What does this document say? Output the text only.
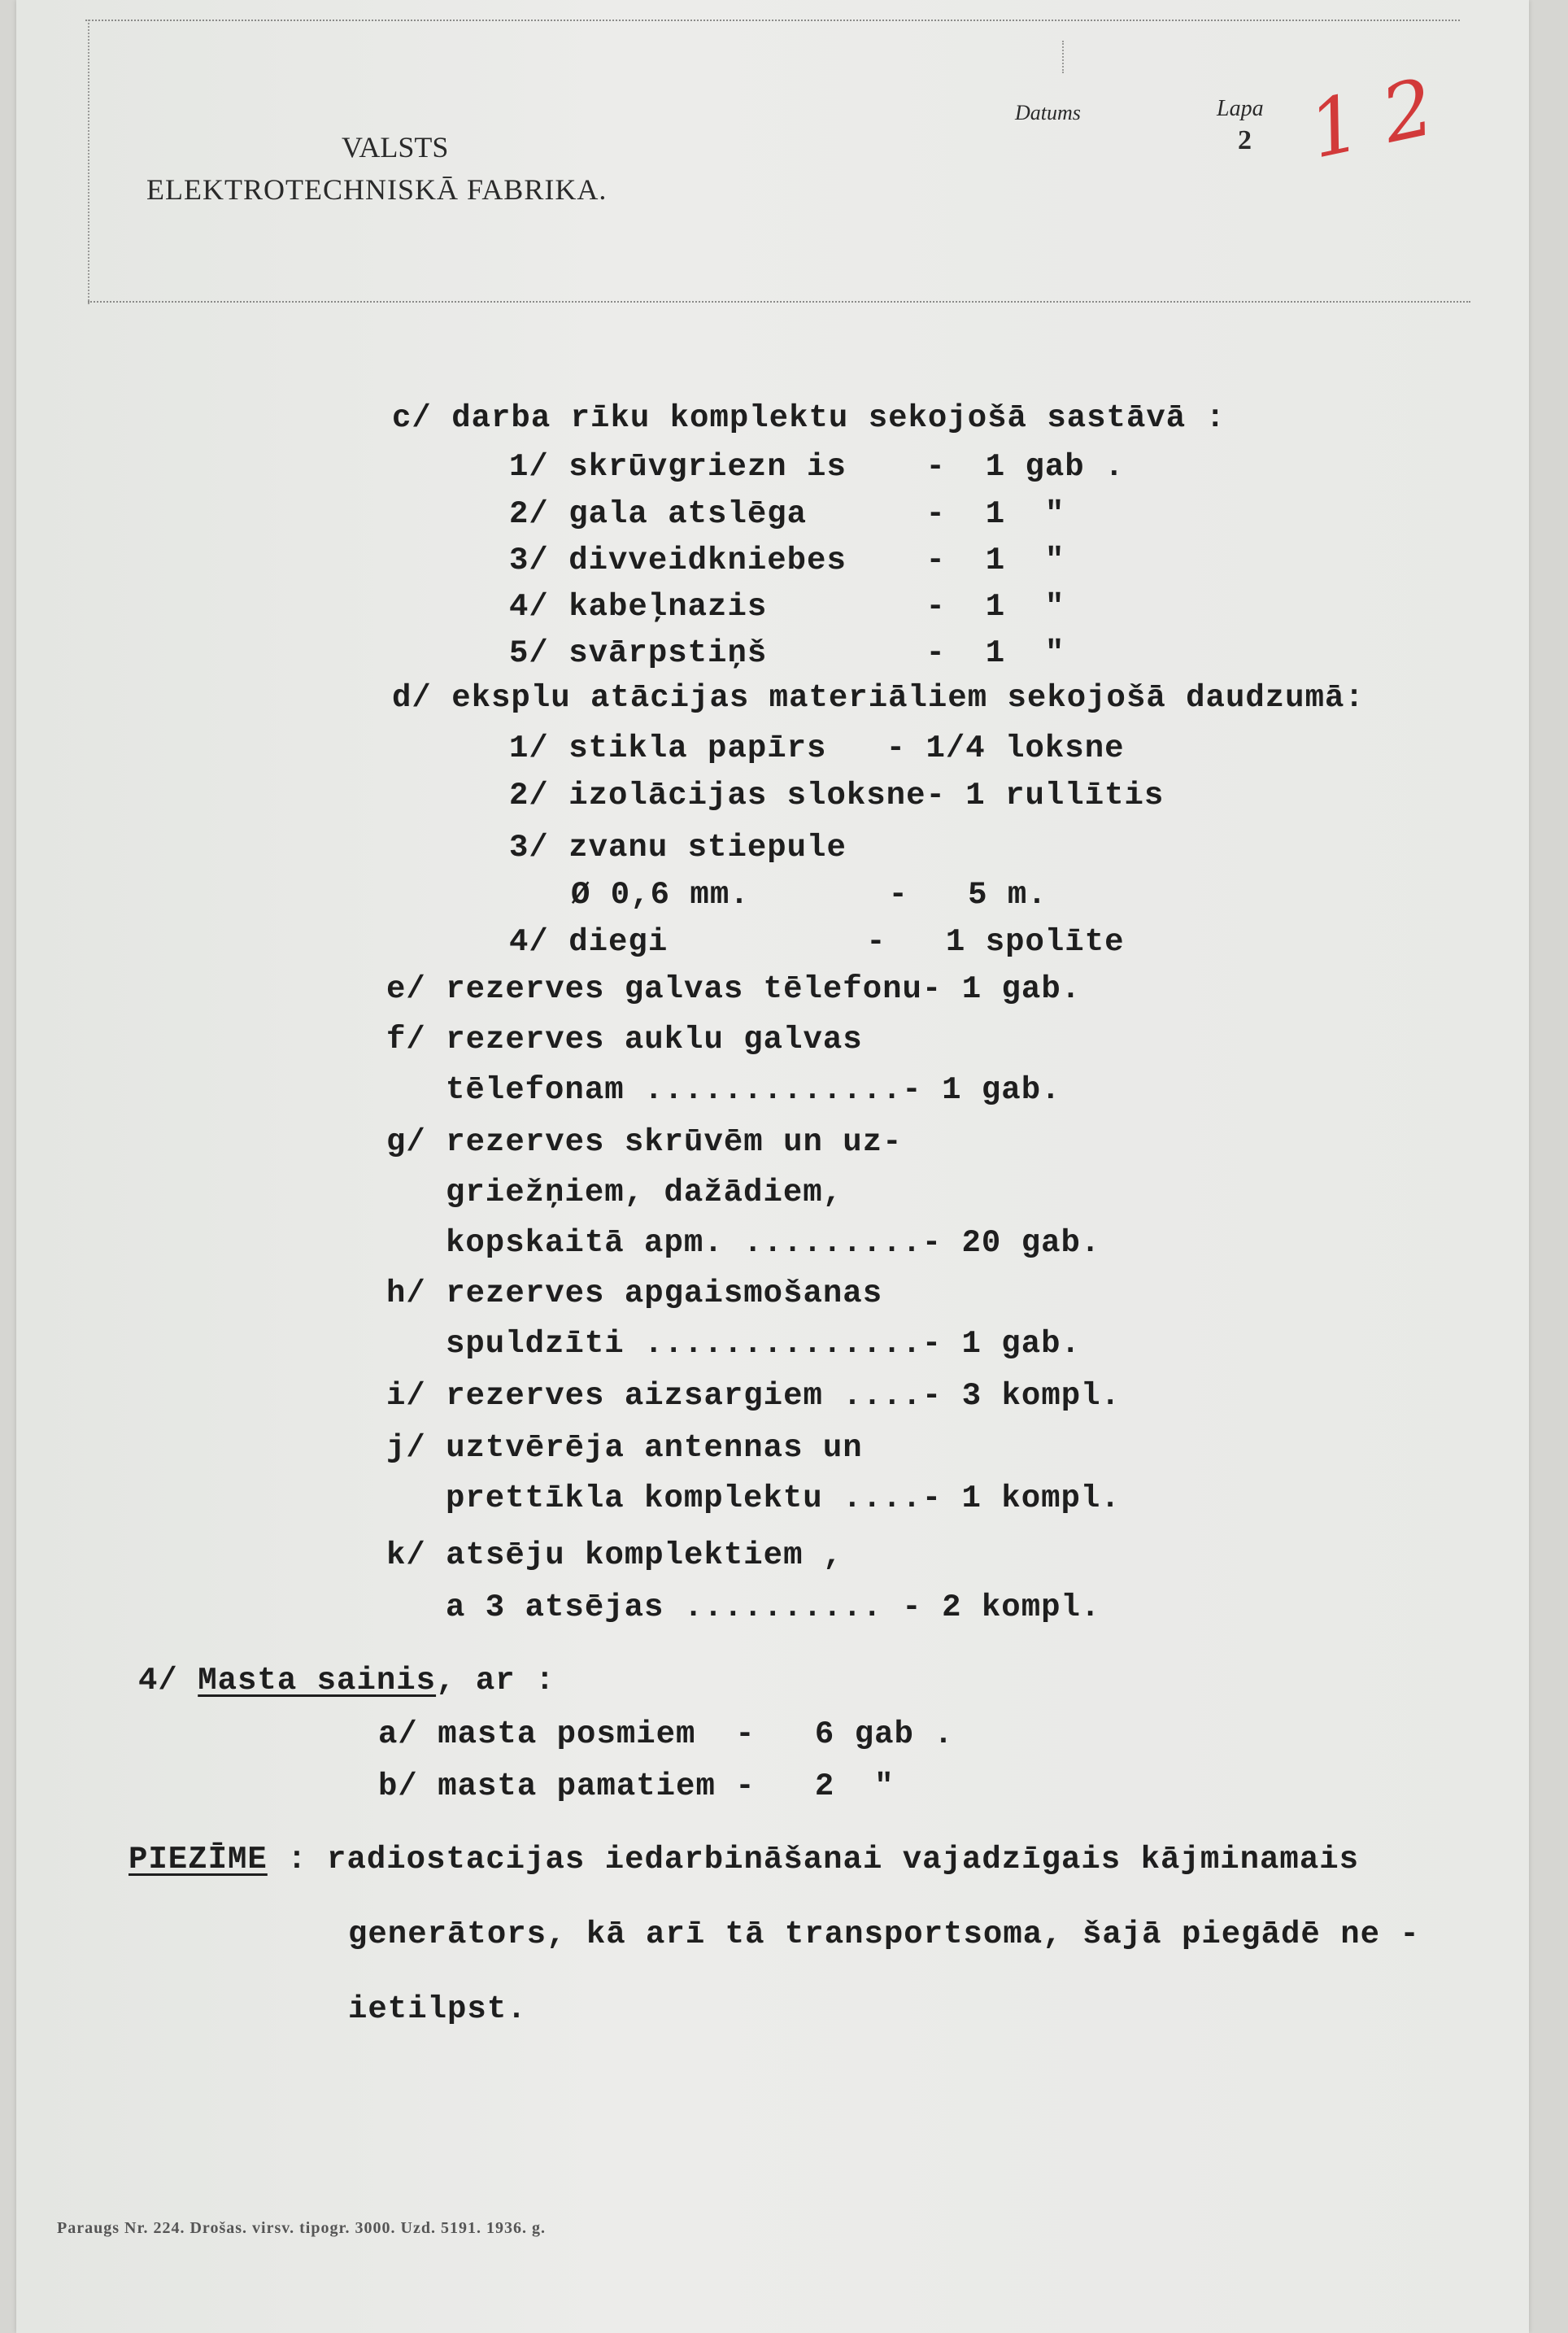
VALSTS
ELEKTROTECHNISKĀ FABRIKA.
Datums	Lapa
2 1 2
c/ darba rīku komplektu sekojošā sastāvā :
1/ skrūvgriezn is    -  1 gab .
2/ gala atslēga      -  1  "
3/ divveidkniebes    -  1  "
4/ kabeļnazis        -  1  "
5/ svārpstiņš        -  1  "
d/ eksplu atācijas materiāliem sekojošā daudzumā:
1/ stikla papīrs   - 1/4 loksne
2/ izolācijas sloksne- 1 rullītis
3/ zvanu stiepule
Ø 0,6 mm.       -   5 m.
4/ diegi          -   1 spolīte
e/ rezerves galvas tēlefonu- 1 gab.
f/ rezerves auklu galvas
tēlefonam .............- 1 gab.
g/ rezerves skrūvēm un uz-
griežņiem, dažādiem,
kopskaitā apm. .........- 20 gab.
h/ rezerves apgaismošanas
spuldzīti ..............- 1 gab.
i/ rezerves aizsargiem ....- 3 kompl.
j/ uztvērēja antennas un
prettīkla komplektu ....- 1 kompl.
k/ atsēju komplektiem ,
a 3 atsējas .......... - 2 kompl.
4/ Masta sainis, ar :
a/ masta posmiem  -   6 gab .
b/ masta pamatiem -   2  "
PIEZĪME : radiostacijas iedarbināšanai vajadzīgais kājminamais
generātors, kā arī tā transportsoma, šajā piegādē ne -
ietilpst.
Paraugs Nr. 224. Drošas. virsv. tipogr. 3000. Uzd. 5191. 1936. g.
